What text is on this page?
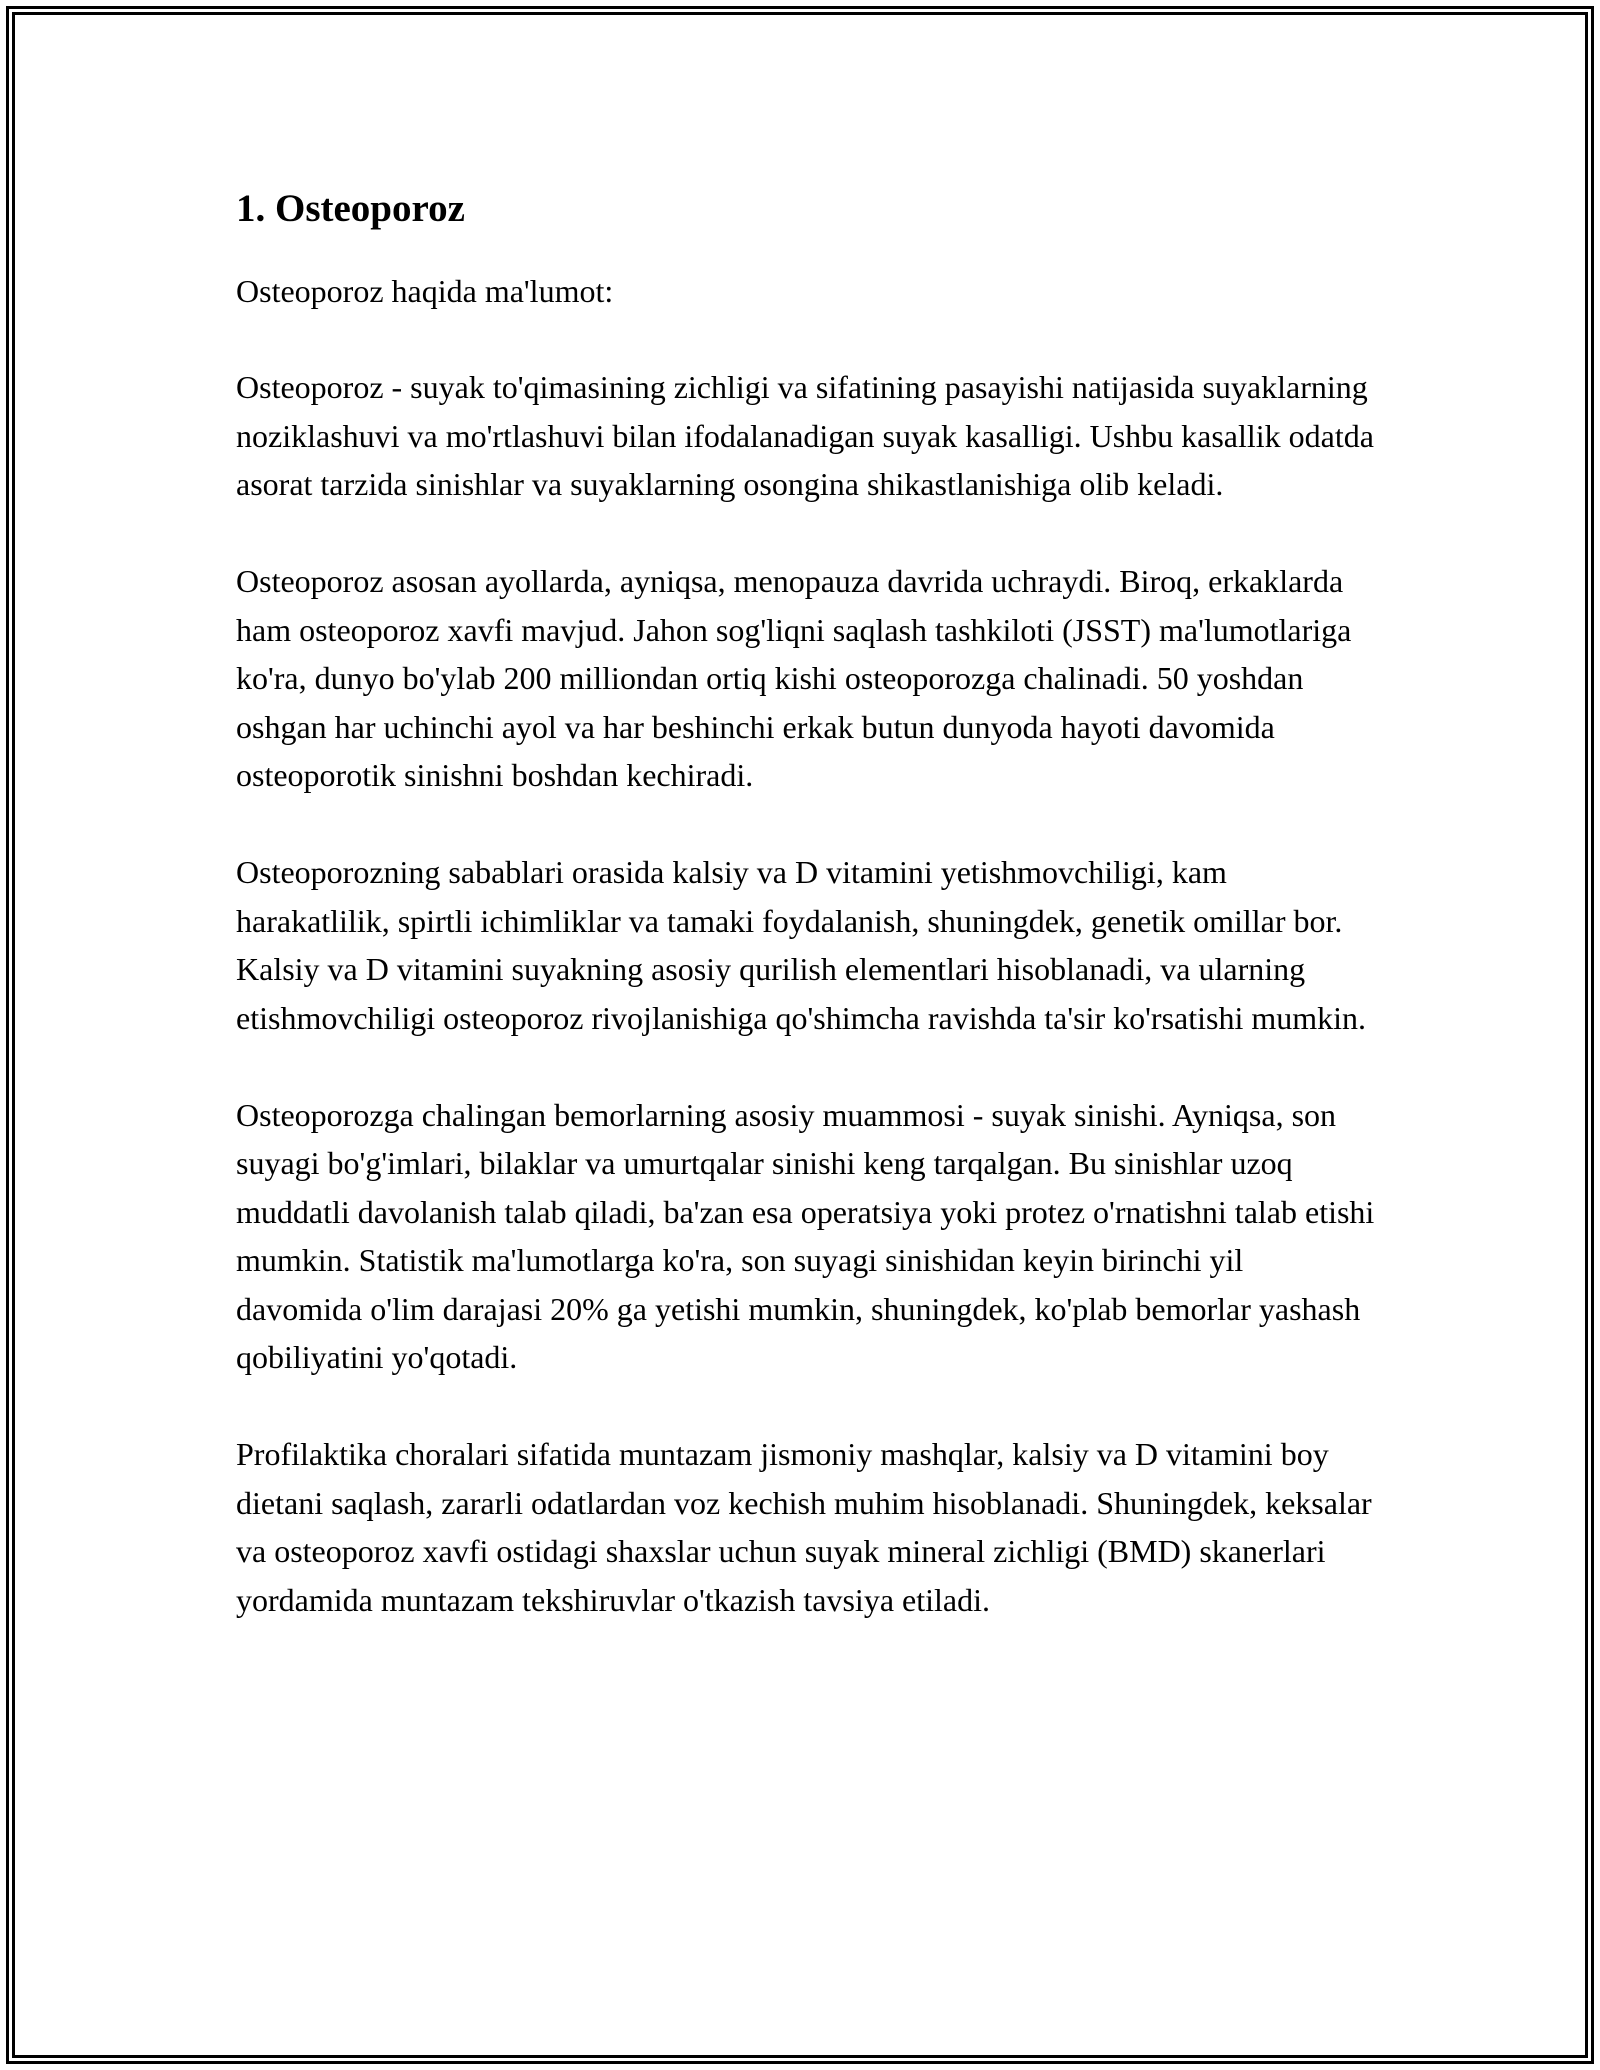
1. Osteoporoz

Osteoporoz haqida ma'lumot:

Osteoporoz - suyak to'qimasining zichligi va sifatining pasayishi natijasida suyaklarning noziklashuvi va mo'rtlashuvi bilan ifodalanadigan suyak kasalligi. Ushbu kasallik odatda asorat tarzida sinishlar va suyaklarning osongina shikastlanishiga olib keladi.

Osteoporoz asosan ayollarda, ayniqsa, menopauza davrida uchraydi. Biroq, erkaklarda ham osteoporoz xavfi mavjud. Jahon sog'liqni saqlash tashkiloti (JSST) ma'lumotlariga ko'ra, dunyo bo'ylab 200 milliondan ortiq kishi osteoporozga chalinadi. 50 yoshdan oshgan har uchinchi ayol va har beshinchi erkak butun dunyoda hayoti davomida osteoporotik sinishni boshdan kechiradi.

Osteoporozning sabablari orasida kalsiy va D vitamini yetishmovchiligi, kam harakatlilik, spirtli ichimliklar va tamaki foydalanish, shuningdek, genetik omillar bor. Kalsiy va D vitamini suyakning asosiy qurilish elementlari hisoblanadi, va ularning etishmovchiligi osteoporoz rivojlanishiga qo'shimcha ravishda ta'sir ko'rsatishi mumkin.

Osteoporozga chalingan bemorlarning asosiy muammosi - suyak sinishi. Ayniqsa, son suyagi bo'g'imlari, bilaklar va umurtqalar sinishi keng tarqalgan. Bu sinishlar uzoq muddatli davolanish talab qiladi, ba'zan esa operatsiya yoki protez o'rnatishni talab etishi mumkin. Statistik ma'lumotlarga ko'ra, son suyagi sinishidan keyin birinchi yil davomida o'lim darajasi 20% ga yetishi mumkin, shuningdek, ko'plab bemorlar yashash qobiliyatini yo'qotadi.

Profilaktika choralari sifatida muntazam jismoniy mashqlar, kalsiy va D vitamini boy dietani saqlash, zararli odatlardan voz kechish muhim hisoblanadi. Shuningdek, keksalar va osteoporoz xavfi ostidagi shaxslar uchun suyak mineral zichligi (BMD) skanerlari yordamida muntazam tekshiruvlar o'tkazish tavsiya etiladi.
